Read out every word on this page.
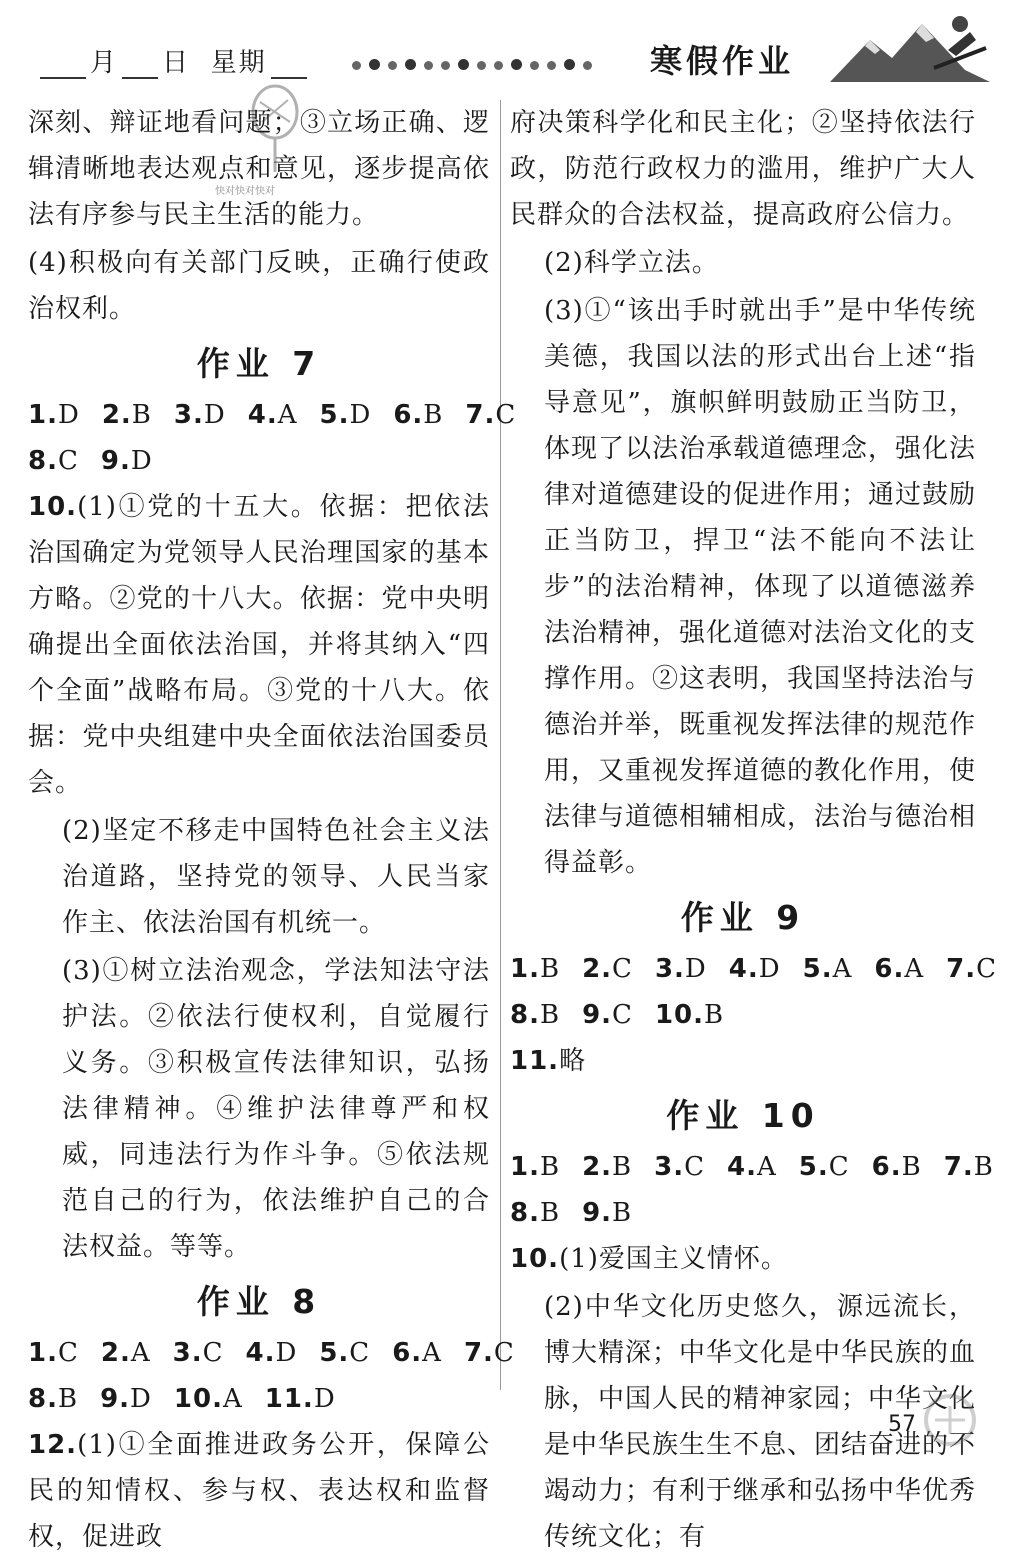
月 日 星期	寒假作业
快对快对快对

深刻、辩证地看问题；③立场正确、逻辑清晰地表达观点和意见，逐步提高依法有序参与民主生活的能力。

(4)积极向有关部门反映，正确行使政治权利。

作业 7

1.D 2.B 3.D 4.A 5.D 6.B 7.C

8.C 9.D

10.(1)①党的十五大。依据：把依法治国确定为党领导人民治理国家的基本方略。②党的十八大。依据：党中央明确提出全面依法治国，并将其纳入“四个全面”战略布局。③党的十八大。依据：党中央组建中央全面依法治国委员会。

(2)坚定不移走中国特色社会主义法治道路，坚持党的领导、人民当家作主、依法治国有机统一。

(3)①树立法治观念，学法知法守法护法。②依法行使权利，自觉履行义务。③积极宣传法律知识，弘扬法律精神。④维护法律尊严和权威，同违法行为作斗争。⑤依法规范自己的行为，依法维护自己的合法权益。等等。

作业 8

1.C 2.A 3.C 4.D 5.C 6.A 7.C

8.B 9.D 10.A 11.D

12.(1)①全面推进政务公开，保障公民的知情权、参与权、表达权和监督权，促进政

府决策科学化和民主化；②坚持依法行政，防范行政权力的滥用，维护广大人民群众的合法权益，提高政府公信力。

(2)科学立法。

(3)①“该出手时就出手”是中华传统美德，我国以法的形式出台上述“指导意见”，旗帜鲜明鼓励正当防卫，体现了以法治承载道德理念，强化法律对道德建设的促进作用；通过鼓励正当防卫，捍卫“法不能向不法让步”的法治精神，体现了以道德滋养法治精神，强化道德对法治文化的支撑作用。②这表明，我国坚持法治与德治并举，既重视发挥法律的规范作用，又重视发挥道德的教化作用，使法律与道德相辅相成，法治与德治相得益彰。

作业 9

1.B 2.C 3.D 4.D 5.A 6.A 7.C

8.B 9.C 10.B

11.略

作业 10

1.B 2.B 3.C 4.A 5.C 6.B 7.B

8.B 9.B

10.(1)爱国主义情怀。

(2)中华文化历史悠久，源远流长，博大精深；中华文化是中华民族的血脉，中国人民的精神家园；中华文化是中华民族生生不息、团结奋进的不竭动力；有利于继承和弘扬中华优秀传统文化；有

57
